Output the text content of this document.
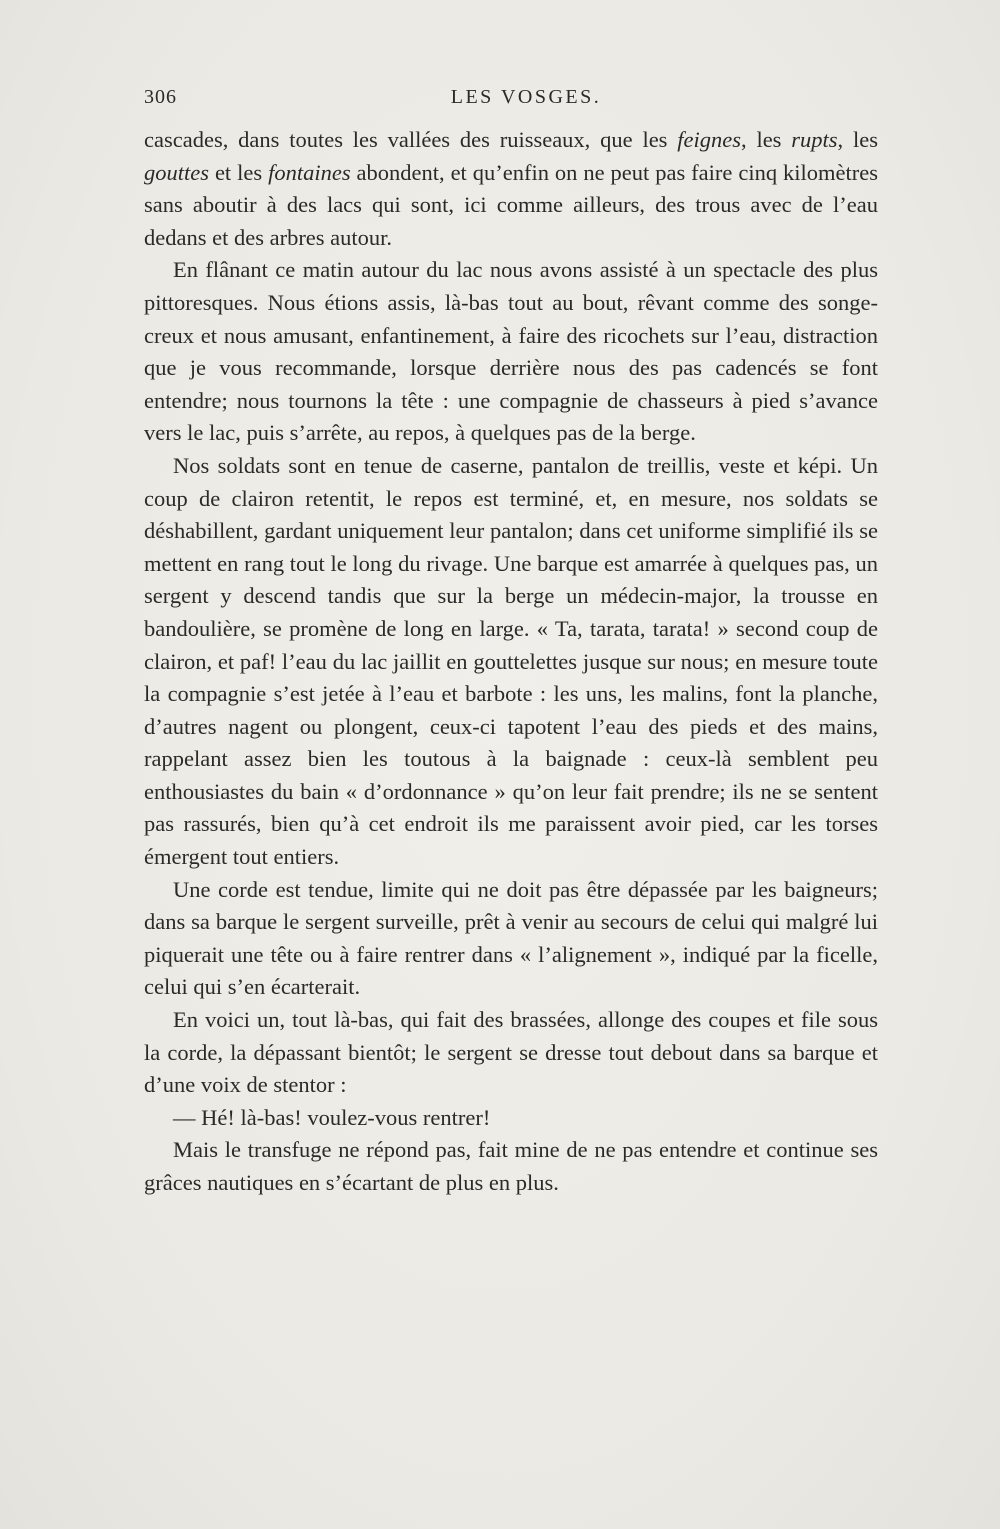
306	LES VOSGES.

cascades, dans toutes les vallées des ruisseaux, que les feignes, les rupts, les gouttes et les fontaines abondent, et qu’enfin on ne peut pas faire cinq kilomètres sans aboutir à des lacs qui sont, ici comme ailleurs, des trous avec de l’eau dedans et des arbres autour.

En flânant ce matin autour du lac nous avons assisté à un spectacle des plus pittoresques. Nous étions assis, là-bas tout au bout, rêvant comme des songe-creux et nous amusant, enfantinement, à faire des ricochets sur l’eau, distraction que je vous recommande, lorsque derrière nous des pas cadencés se font entendre; nous tournons la tête : une compagnie de chasseurs à pied s’avance vers le lac, puis s’arrête, au repos, à quelques pas de la berge.

Nos soldats sont en tenue de caserne, pantalon de treillis, veste et képi. Un coup de clairon retentit, le repos est terminé, et, en mesure, nos soldats se déshabillent, gardant uniquement leur pantalon; dans cet uniforme simplifié ils se mettent en rang tout le long du rivage. Une barque est amarrée à quelques pas, un sergent y descend tandis que sur la berge un médecin-major, la trousse en bandoulière, se promène de long en large. « Ta, tarata, tarata! » second coup de clairon, et paf! l’eau du lac jaillit en gouttelettes jusque sur nous; en mesure toute la compagnie s’est jetée à l’eau et barbote : les uns, les malins, font la planche, d’autres nagent ou plongent, ceux-ci tapotent l’eau des pieds et des mains, rappelant assez bien les toutous à la baignade : ceux-là semblent peu enthousiastes du bain « d’ordonnance » qu’on leur fait prendre; ils ne se sentent pas rassurés, bien qu’à cet endroit ils me paraissent avoir pied, car les torses émergent tout entiers.

Une corde est tendue, limite qui ne doit pas être dépassée par les baigneurs; dans sa barque le sergent surveille, prêt à venir au secours de celui qui malgré lui piquerait une tête ou à faire rentrer dans « l’alignement », indiqué par la ficelle, celui qui s’en écarterait.

En voici un, tout là-bas, qui fait des brassées, allonge des coupes et file sous la corde, la dépassant bientôt; le sergent se dresse tout debout dans sa barque et d’une voix de stentor :

— Hé! là-bas! voulez-vous rentrer!

Mais le transfuge ne répond pas, fait mine de ne pas entendre et continue ses grâces nautiques en s’écartant de plus en plus.
